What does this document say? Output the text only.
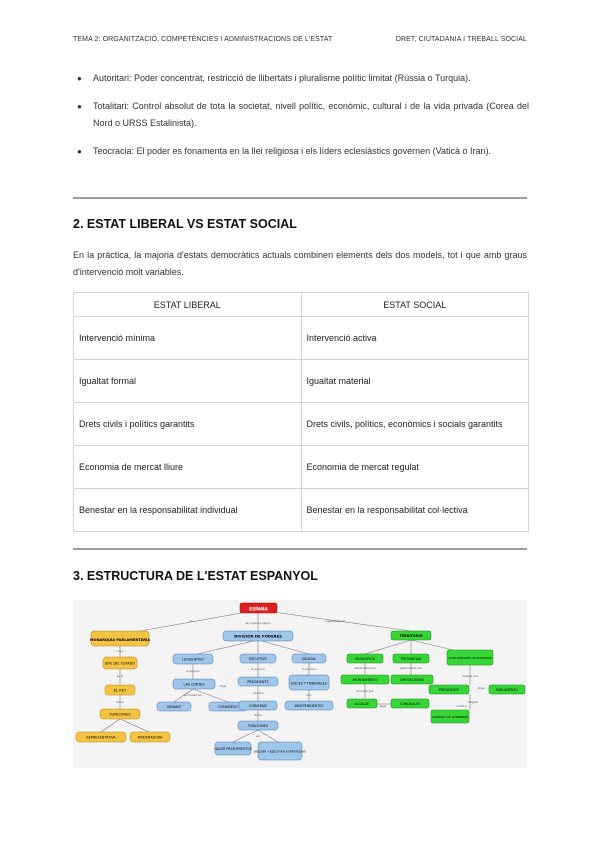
TEMA 2: ORGANITZACIÓ, COMPETÈNCIES I ADMINISTRACIONS DE L'ESTAT	DRET, CIUTADANIA I TREBALL SOCIAL
● Autoritari: Poder concentrat, restricció de llibertats i pluralisme polític limitat (Rússia o Turquia).
● Totalitari: Control absolut de tota la societat, nivell polític, econòmic, cultural i de la vida privada (Corea del Nord o URSS Estalinista).
● Teocracia: El poder es fonamenta en la llei religiosa i els líders eclesiàstics governen (Vaticà o Iran).
2. ESTAT LIBERAL VS ESTAT SOCIAL
En la pràctica, la majoria d'estats democràtics actuals combinen elements dels dos models, tot i que amb graus d'intervenció molt variables.
ESTAT LIBERAL	ESTAT SOCIAL
Intervenció mínima	Intervenció activa
Igualtat formal	Igualtat material
Drets civils i polítics garantits	Drets civils, polítics, econòmics i socials garantits
Economia de mercat lliure	Economia de mercat regulat
Benestar en la responsabilitat individual	Benestar en la responsabilitat col·lectiva
3. ESTRUCTURA DE L'ESTAT ESPANYOL
ESPAÑA
MONARQUÍA PARLAMENTARIA
JEFE DEL ESTADO
EL REY
FUNCIONES
REPRESENTATIVA	MODERADORA
DIVISIÓN DE PODERES
LEGISLATIVO
LAS CORTES
SENADO	CONGRESO
EJECUTIVO
PRESIDENTE
GOBIERNO
FUNCIONES
HACER PRESUPUESTOS
DECIDIR Y EJECUTAR ESTRATEGIAS
JUDICIAL
JUECES Y TRIBUNALES
INDEPENDIENTES
TERRITORIO
MUNICIPIOS	PROVINCIAS	COMUNIDADES AUTÓNOMAS
AYUNTAMIENTO	DIPUTACIONES
ALCALDE	CONCEJALES
PRESIDENTE	PARLAMENTO
CONSEJO DE GOBIERNO
es	se organiza según	organizado en
cuyo
es el
tiene
lo ejercen	lo ejercen	lo ejercen
formadas por
elige
nombra
tiene
son
son
gobernados por	gobernadas por
regidas por
formado por
elige
elegido
elige
nombra
